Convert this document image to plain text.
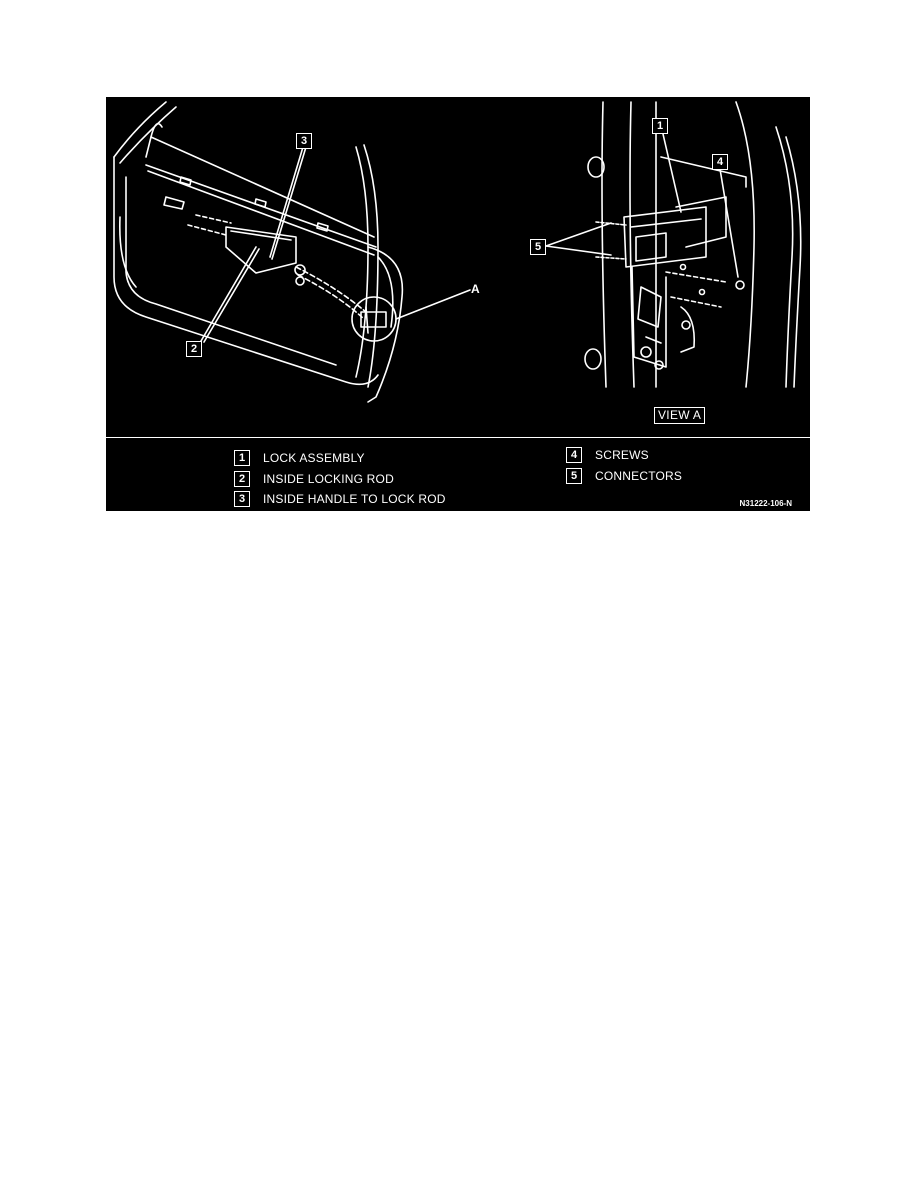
1
2
3
4
5
A
VIEW A
1	LOCK ASSEMBLY
2	INSIDE LOCKING ROD
3	INSIDE HANDLE TO LOCK ROD
4	SCREWS
5	CONNECTORS
N31222-106-N
